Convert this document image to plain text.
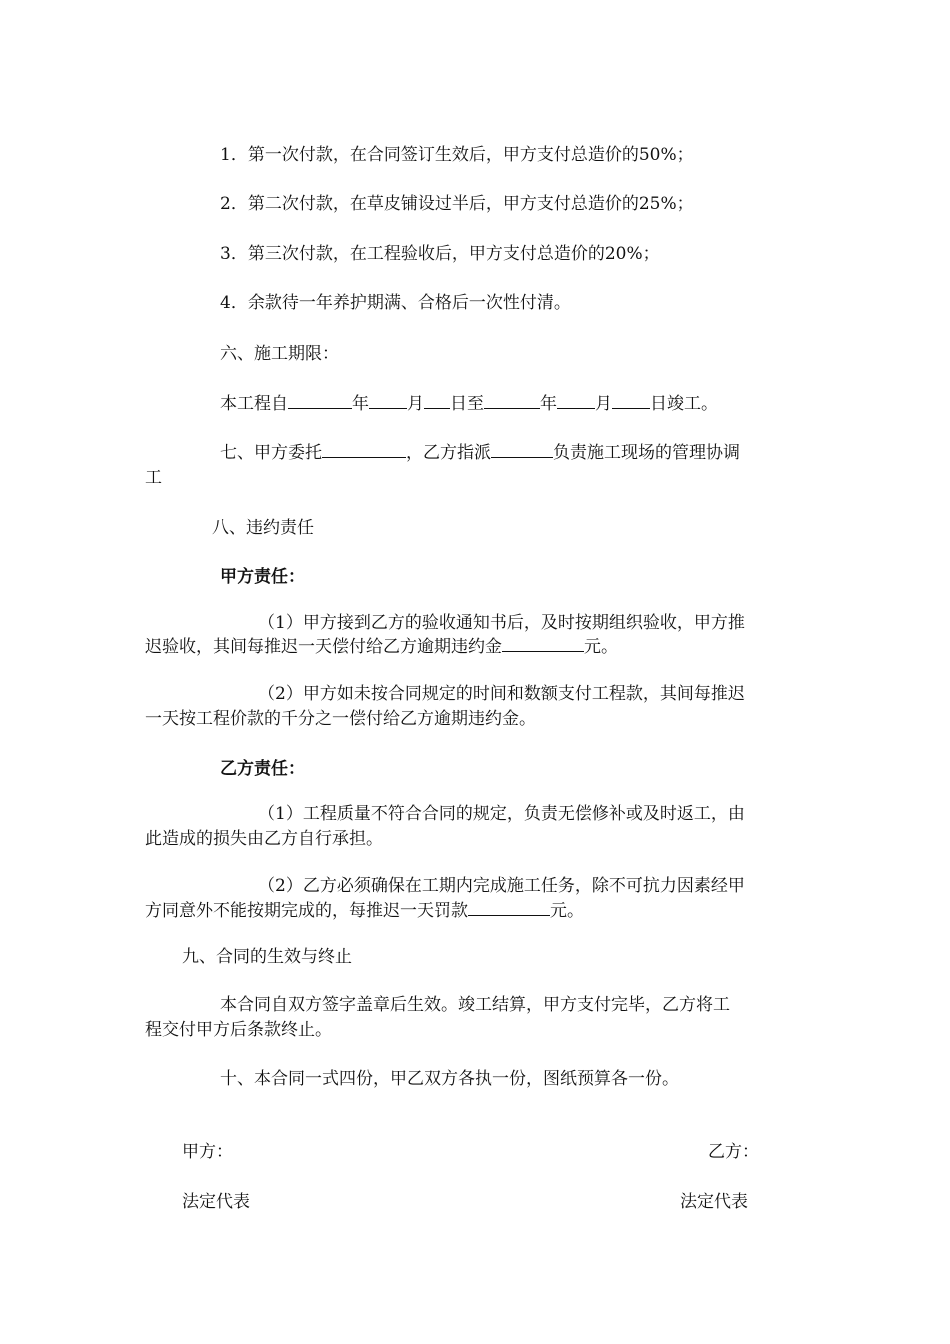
1．第一次付款，在合同签订生效后，甲方支付总造价的50%；
2．第二次付款，在草皮铺设过半后，甲方支付总造价的25%；
3．第三次付款，在工程验收后，甲方支付总造价的20%；
4．余款待一年养护期满、合格后一次性付清。
六、施工期限：
本工程自	年 月 日至	年 月 日竣工。
七、甲方委托	，乙方指派	负责施工现场的管理协调
工
八、违约责任
甲方责任：
（1）甲方接到乙方的验收通知书后，及时按期组织验收，甲方推
迟验收，其间每推迟一天偿付给乙方逾期违约金	元。
（2）甲方如未按合同规定的时间和数额支付工程款，其间每推迟
一天按工程价款的千分之一偿付给乙方逾期违约金。
乙方责任：
（1）工程质量不符合合同的规定，负责无偿修补或及时返工，由
此造成的损失由乙方自行承担。
（2）乙方必须确保在工期内完成施工任务，除不可抗力因素经甲
方同意外不能按期完成的，每推迟一天罚款	元。
九、合同的生效与终止
本合同自双方签字盖章后生效。竣工结算，甲方支付完毕，乙方将工
程交付甲方后条款终止。
十、本合同一式四份，甲乙双方各执一份，图纸预算各一份。
甲方：	乙方：
法定代表	法定代表
